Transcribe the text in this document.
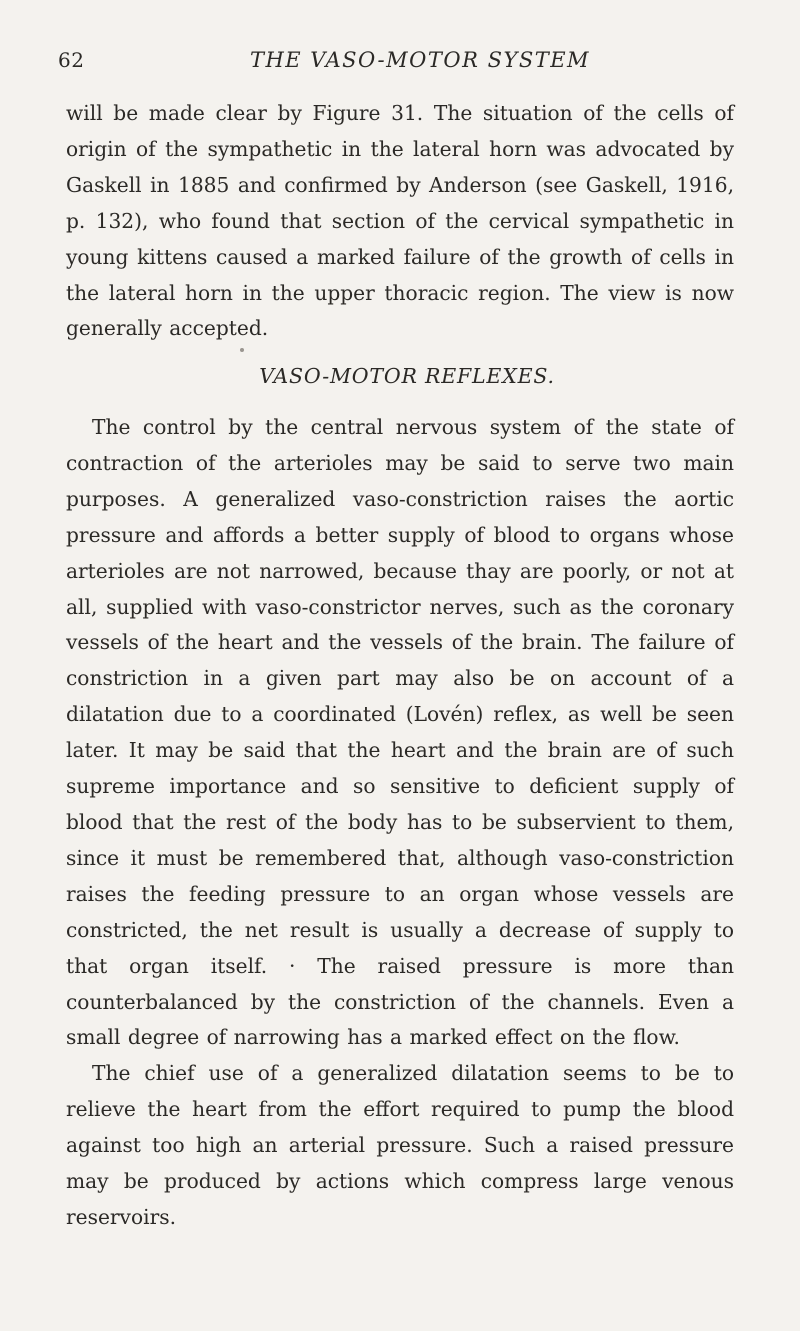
62	THE VASO-MOTOR SYSTEM

will be made clear by Figure 31. The situation of the cells of origin of the sympathetic in the lateral horn was advocated by Gaskell in 1885 and confirmed by Anderson (see Gaskell, 1916, p. 132), who found that section of the cervical sympathetic in young kittens caused a marked failure of the growth of cells in the lateral horn in the upper thoracic region. The view is now generally accepted.

VASO-MOTOR REFLEXES.

The control by the central nervous system of the state of contraction of the arterioles may be said to serve two main purposes. A generalized vaso-constriction raises the aortic pressure and affords a better supply of blood to organs whose arterioles are not narrowed, because thay are poorly, or not at all, supplied with vaso-constrictor nerves, such as the coronary vessels of the heart and the vessels of the brain. The failure of constriction in a given part may also be on account of a dilatation due to a coordinated (Lovén) reflex, as well be seen later. It may be said that the heart and the brain are of such supreme importance and so sensitive to deficient supply of blood that the rest of the body has to be subservient to them, since it must be remembered that, although vaso-constriction raises the feeding pressure to an organ whose vessels are constricted, the net result is usually a decrease of supply to that organ itself. · The raised pressure is more than counterbalanced by the constriction of the channels. Even a small degree of narrowing has a marked effect on the flow.

The chief use of a generalized dilatation seems to be to relieve the heart from the effort required to pump the blood against too high an arterial pressure. Such a raised pressure may be produced by actions which compress large venous reservoirs.
